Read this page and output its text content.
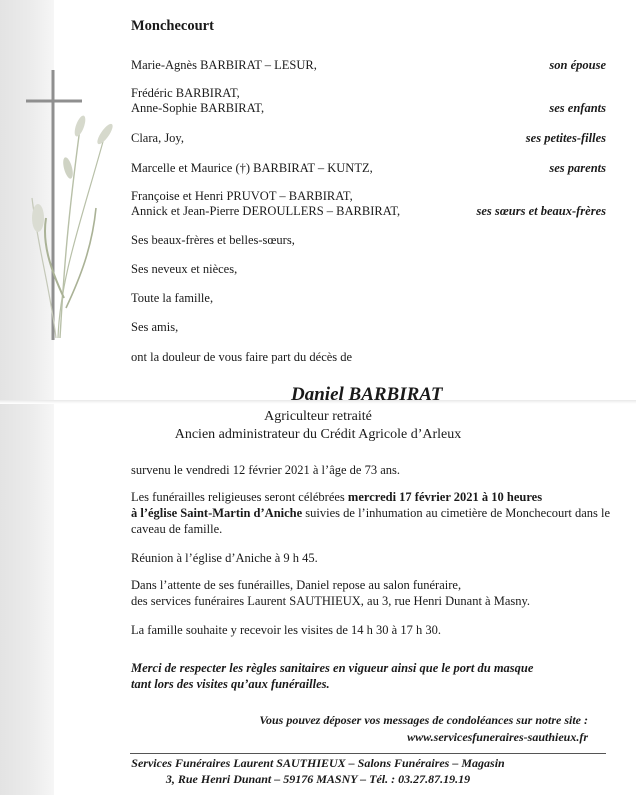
Monchecourt
Marie-Agnès BARBIRAT – LESUR,	son épouse
Frédéric BARBIRAT,
Anne-Sophie BARBIRAT,	ses enfants
Clara, Joy,	ses petites-filles
Marcelle et Maurice (†) BARBIRAT – KUNTZ,	ses parents
Françoise et Henri PRUVOT – BARBIRAT,
Annick et Jean-Pierre DEROULLERS – BARBIRAT,	ses sœurs et beaux-frères
Ses beaux-frères et belles-sœurs,
Ses neveux et nièces,
Toute la famille,
Ses amis,
ont la douleur de vous faire part du décès de
Daniel BARBIRAT
Agriculteur retraité
Ancien administrateur du Crédit Agricole d’Arleux
survenu le vendredi 12 février 2021 à l’âge de 73 ans.
Les funérailles religieuses seront célébrées mercredi 17 février 2021 à 10 heures
à l’église Saint-Martin d’Aniche suivies de l’inhumation au cimetière de Monchecourt dans le caveau de famille.
Réunion à l’église d’Aniche à 9 h 45.
Dans l’attente de ses funérailles, Daniel repose au salon funéraire,
des services funéraires Laurent SAUTHIEUX, au 3, rue Henri Dunant à Masny.
La famille souhaite y recevoir les visites de 14 h 30 à 17 h 30.
Merci de respecter les règles sanitaires en vigueur ainsi que le port du masque
tant lors des visites qu’aux funérailles.
Vous pouvez déposer vos messages de condoléances sur notre site :
www.servicesfuneraires-sauthieux.fr
Services Funéraires Laurent SAUTHIEUX – Salons Funéraires – Magasin
3, Rue Henri Dunant – 59176 MASNY – Tél. : 03.27.87.19.19
